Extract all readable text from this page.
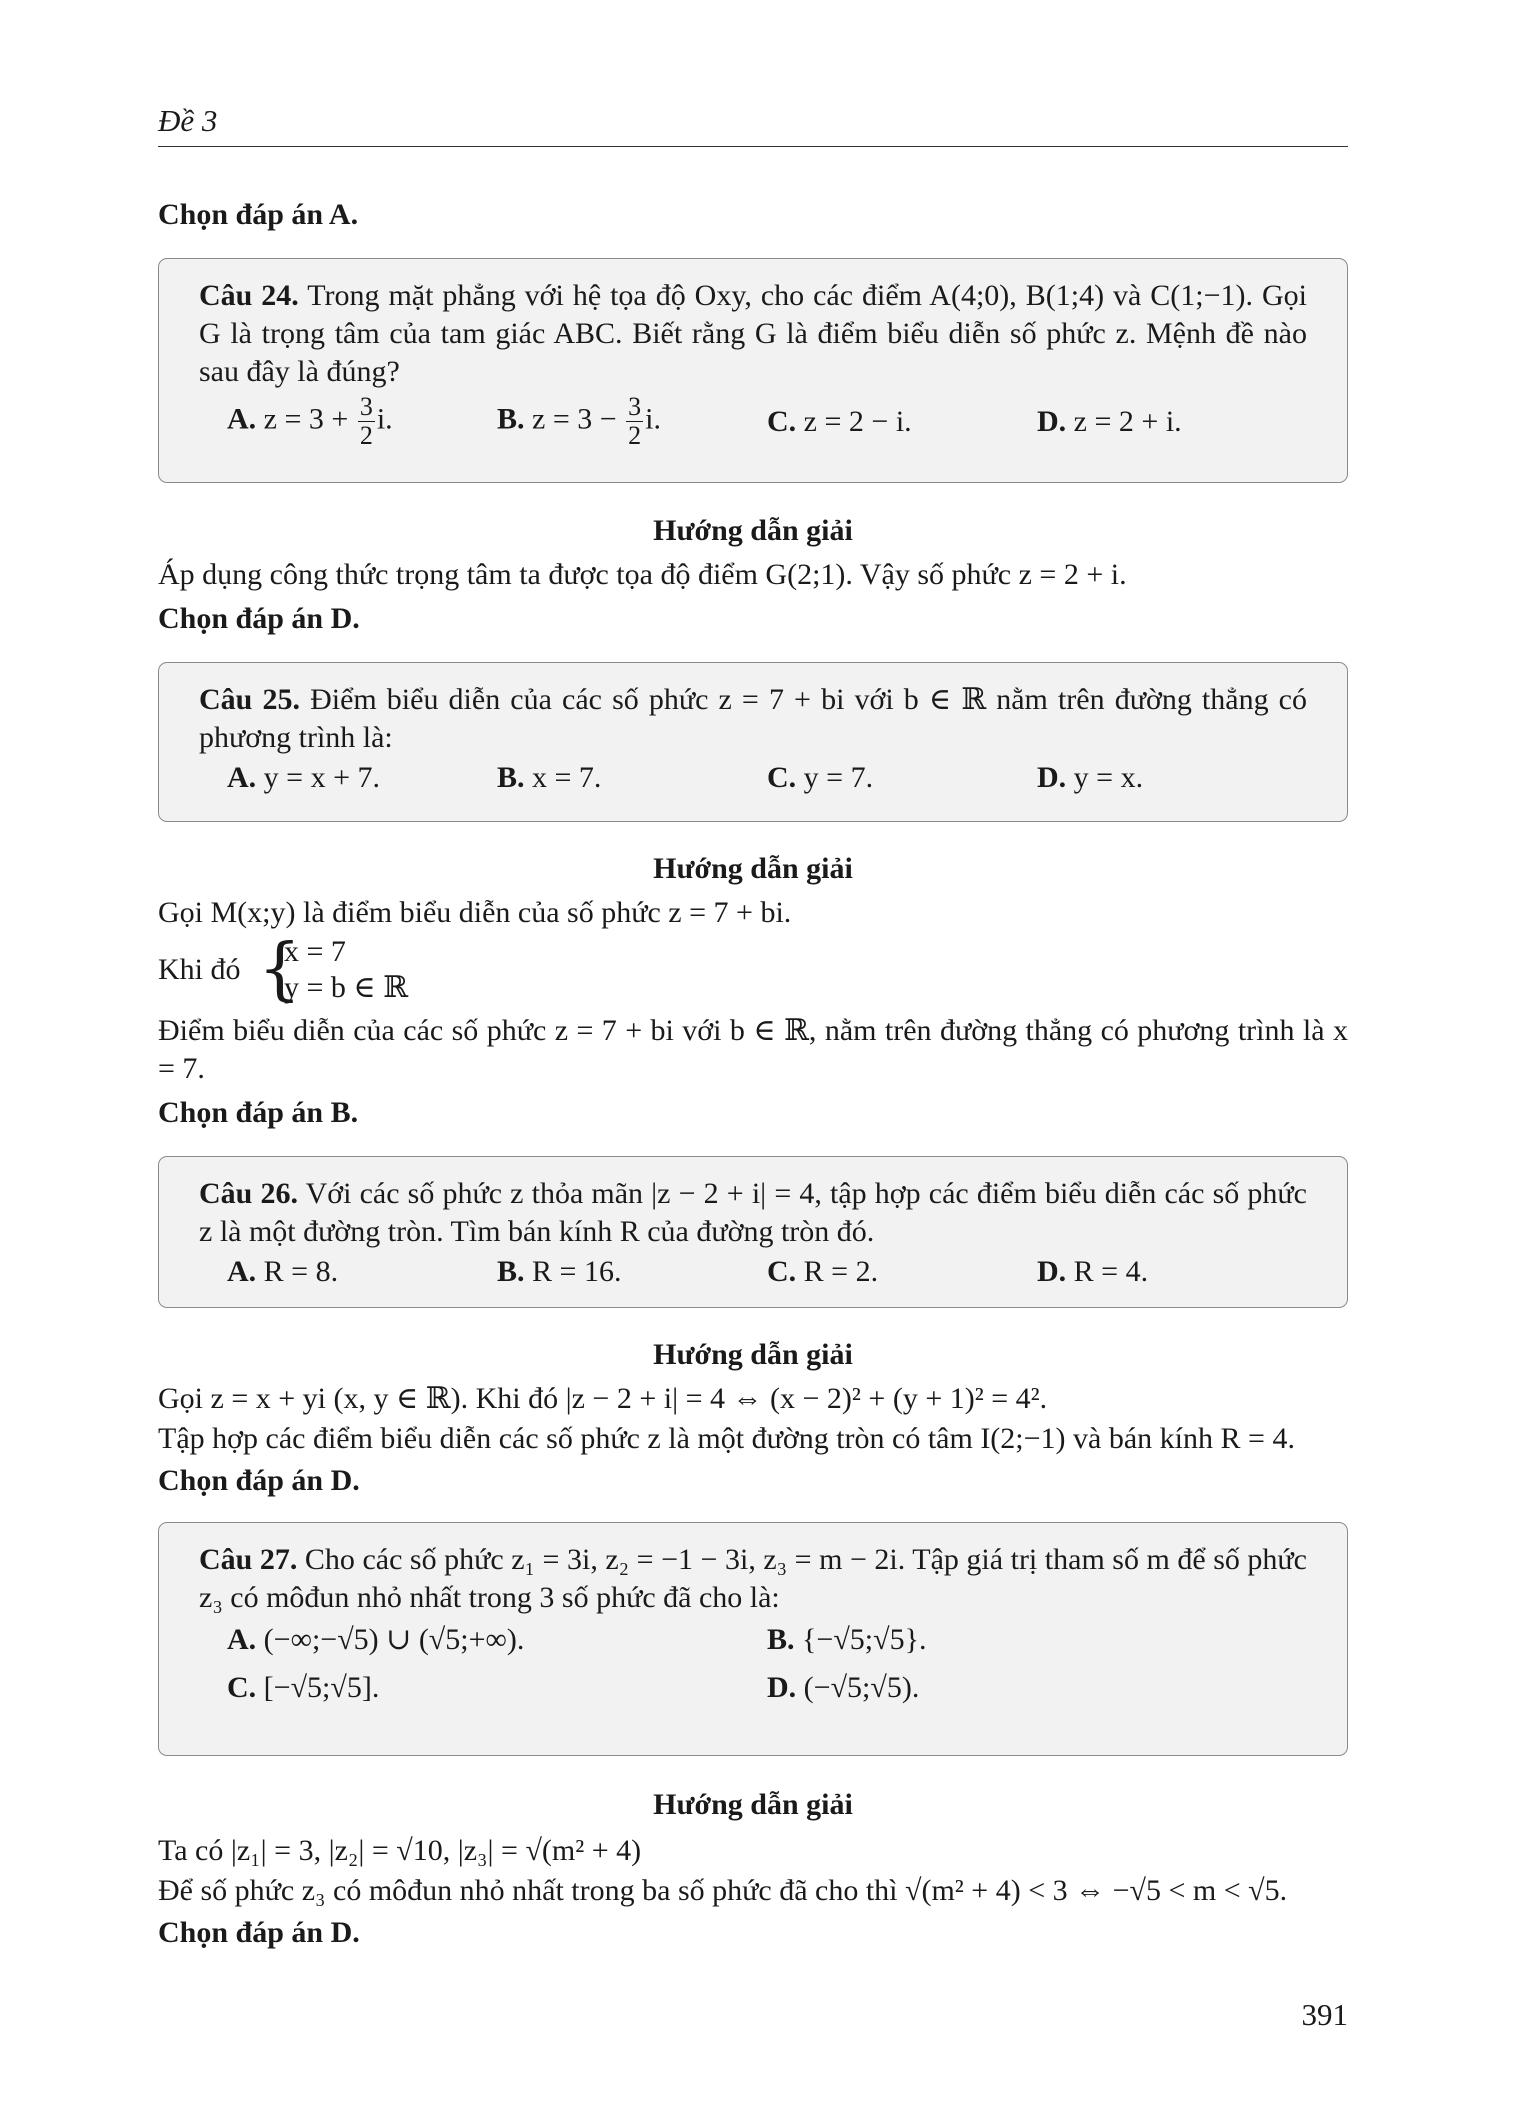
Đề 3
Chọn đáp án A.

Câu 24. Trong mặt phẳng với hệ tọa độ Oxy, cho các điểm A(4;0), B(1;4) và C(1;−1). Gọi G là trọng tâm của tam giác ABC. Biết rằng G là điểm biểu diễn số phức z. Mệnh đề nào sau đây là đúng?

A. $z = 3 + \frac{3}{2} i$.	B. $z = 3 - \frac{3}{2} i$.	C. z = 2 − i.	D. z = 2 + i.
Hướng dẫn giải
Áp dụng công thức trọng tâm ta được tọa độ điểm G(2;1). Vậy số phức z = 2 + i.
Chọn đáp án D.

Câu 25. Điểm biểu diễn của các số phức z = 7 + bi với b ∈ ℝ nằm trên đường thẳng có phương trình là:

A. y = x + 7.	B. x = 7.	C. y = 7.	D. y = x.
Hướng dẫn giải
Gọi M(x;y) là điểm biểu diễn của số phức z = 7 + bi.
Khi đó
{ x = 7
y = b ∈ ℝ
Điểm biểu diễn của các số phức z = 7 + bi với b ∈ ℝ, nằm trên đường thẳng có phương trình là x = 7.
Chọn đáp án B.

Câu 26. Với các số phức z thỏa mãn |z − 2 + i| = 4, tập hợp các điểm biểu diễn các số phức z là một đường tròn. Tìm bán kính R của đường tròn đó.

A. R = 8.	B. R = 16.	C. R = 2.	D. R = 4.
Hướng dẫn giải
Gọi z = x + yi (x, y ∈ ℝ). Khi đó |z − 2 + i| = 4 ⇔ (x − 2)² + (y + 1)² = 4².
Tập hợp các điểm biểu diễn các số phức z là một đường tròn có tâm I(2;−1) và bán kính R = 4.
Chọn đáp án D.

Câu 27. Cho các số phức z₁ = 3i, z₂ = −1 − 3i, z₃ = m − 2i. Tập giá trị tham số m để số phức z₃ có môđun nhỏ nhất trong 3 số phức đã cho là:

A. (−∞;−√5) ∪ (√5;+∞).	B. {−√5;√5}.
C. [−√5;√5].	D. (−√5;√5).
Hướng dẫn giải
Ta có |z₁| = 3, |z₂| = √10, |z₃| = √(m² + 4)
Để số phức z₃ có môđun nhỏ nhất trong ba số phức đã cho thì √(m² + 4) < 3 ⇔ −√5 < m < √5.
Chọn đáp án D.
391
